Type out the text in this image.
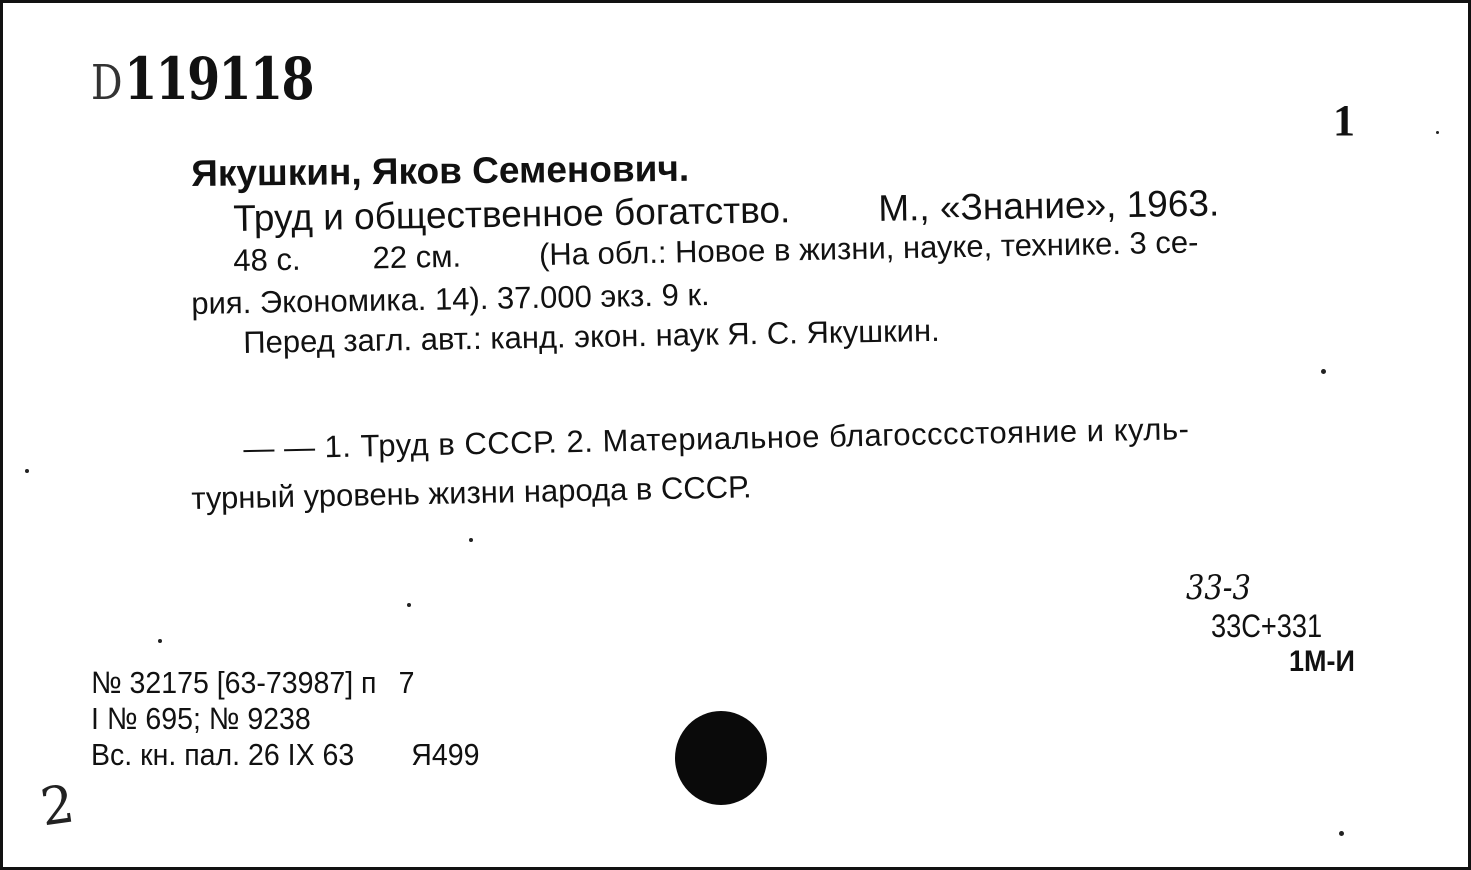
D119118
1
Якушкин, Яков Семенович.
Труд и общественное богатство. М., «Знание», 1963.
48 с. 22 см. (На обл.: Новое в жизни, науке, технике. 3 се-
рия. Экономика. 14). 37.000 экз. 9 к.
Перед загл. авт.: канд. экон. наук Я. С. Якушкин.
— — 1. Труд в СССР. 2. Материальное благосccстояние и куль-
турный уровень жизни народа в СССР.
33-3
33С+331
1М-И
№ 32175 [63-73987] п 7
I № 695; № 9238
Вс. кн. пал. 26 IX 63 Я499
2
